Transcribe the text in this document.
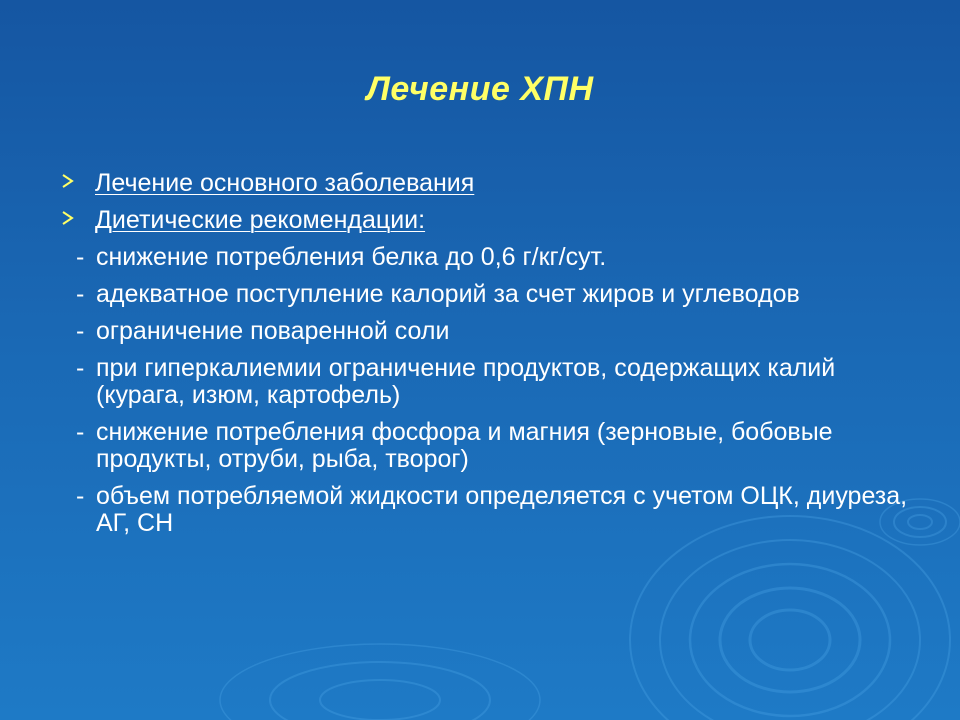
Лечение ХПН
Лечение основного заболевания
Диетические рекомендации:
- снижение потребления белка до 0,6 г/кг/сут.
- адекватное поступление калорий за счет жиров и углеводов
- ограничение поваренной соли
- при гиперкалиемии ограничение продуктов, содержащих калий (курага, изюм, картофель)
- снижение потребления фосфора и магния (зерновые, бобовые продукты, отруби, рыба, творог)
- объем потребляемой жидкости определяется с учетом ОЦК, диуреза, АГ, СН
